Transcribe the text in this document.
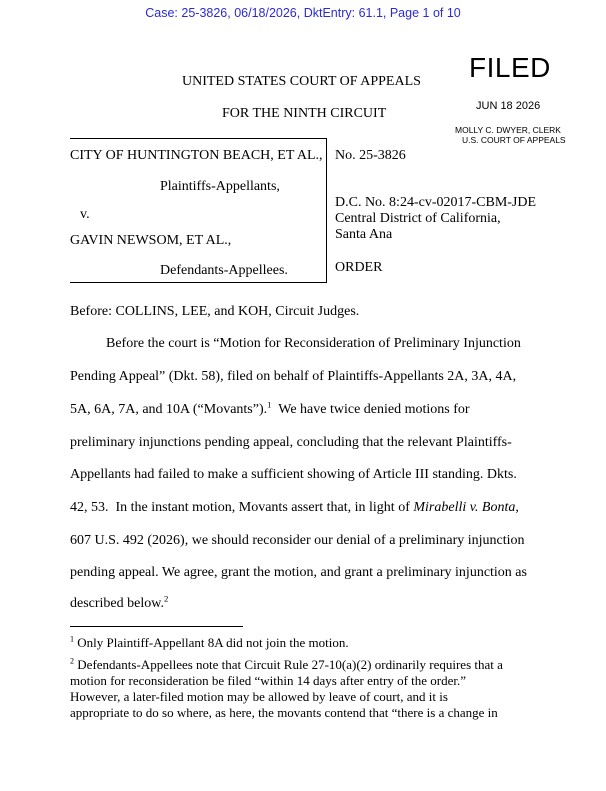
Case: 25-3826, 06/18/2026, DktEntry: 61.1, Page 1 of 10
UNITED STATES COURT OF APPEALS
FOR THE NINTH CIRCUIT
FILED
JUN 18 2026
MOLLY C. DWYER, CLERK
U.S. COURT OF APPEALS
CITY OF HUNTINGTON BEACH, ET AL.,
Plaintiffs-Appellants,
v.
GAVIN NEWSOM, ET AL.,
Defendants-Appellees.
No. 25-3826
D.C. No. 8:24-cv-02017-CBM-JDE
Central District of California,
Santa Ana
ORDER
Before: COLLINS, LEE, and KOH, Circuit Judges.
Before the court is “Motion for Reconsideration of Preliminary Injunction
Pending Appeal” (Dkt. 58), filed on behalf of Plaintiffs-Appellants 2A, 3A, 4A,
5A, 6A, 7A, and 10A (“Movants”).$^1$  We have twice denied motions for
preliminary injunctions pending appeal, concluding that the relevant Plaintiffs-
Appellants had failed to make a sufficient showing of Article III standing. Dkts.
42, 53.  In the instant motion, Movants assert that, in light of Mirabelli v. Bonta,
607 U.S. 492 (2026), we should reconsider our denial of a preliminary injunction
pending appeal. We agree, grant the motion, and grant a preliminary injunction as
described below.$^2$
$^1$ Only Plaintiff-Appellant 8A did not join the motion.
$^2$ Defendants-Appellees note that Circuit Rule 27-10(a)(2) ordinarily requires that a
motion for reconsideration be filed “within 14 days after entry of the order.”
However, a later-filed motion may be allowed by leave of court, and it is
appropriate to do so where, as here, the movants contend that “there is a change in
